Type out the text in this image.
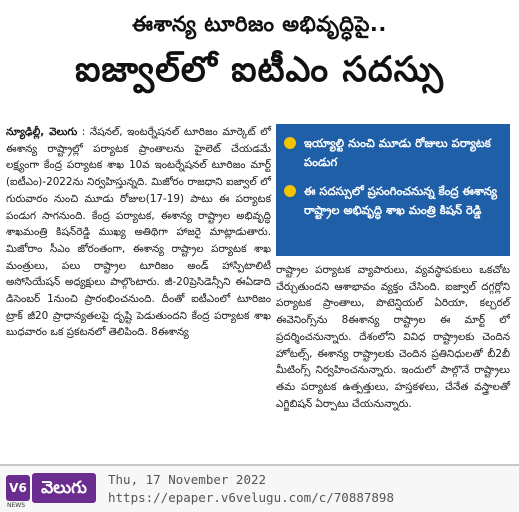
ఈశాన్య టూరిజం అభివృద్ధిపై..
ఐజ్వాల్‌లో ఐటీఎం సదస్సు
న్యూఢిల్లీ, వెలుగు : నేషనల్, ఇంటర్నేషనల్ టూరిజం మార్కెట్ లో ఈశాన్య రాష్ట్రాల్లో పర్యాటక ప్రాంతాలను హైలెట్ చేయడమే లక్ష్యంగా కేంద్ర పర్యాటక శాఖ 10వ ఇంటర్నేషనల్ టూరిజం మార్ట్ (ఐటీఎం)-2022ను నిర్వహిస్తున్నది. మిజోరం రాజధాని ఐజ్వాల్ లో గురువారం నుంచి మూడు రోజుల(17-19) పాటు ఈ పర్యాటక పండుగ సాగనుంది. కేంద్ర పర్యాటక, ఈశాన్య రాష్ట్రాల అభివృద్ధి శాఖమంత్రి కిషన్‌రెడ్డి ముఖ్య అతిథిగా హాజరై మాట్లాడుతారు. మిజోరాం సీఎం జోరంతంగా, ఈశాన్య రాష్ట్రాల పర్యాటక శాఖ మంత్రులు, పలు రాష్ట్రాల టూరిజం అండ్ హాస్పిటాలిటీ అసోసియేషన్ అధ్యక్షులు పాల్గొంటారు. జీ-20ప్రెసిడెన్సీని ఈఏడాది డిసెంబర్ 1నుంచి ప్రారంభించనుంది. దీంతో ఐటీఎంలో టూరిజం ట్రాక్ జీ20 ప్రాధాన్యతలపై దృష్టి పెడుతుందని కేంద్ర పర్యాటక శాఖ బుధవారం ఒక ప్రకటనలో తెలిపింది. 8ఈశాన్య
ఇయ్యాల్టి నుంచి మూడు రోజులు పర్యాటక పండుగ
ఈ సదస్సులో ప్రసంగించనున్న కేంద్ర ఈశాన్య రాష్ట్రాల అభివృద్ధి శాఖ మంత్రి కిషన్ రెడ్డి
రాష్ట్రాల పర్యాటక వ్యాపారులు, వ్యవస్థాపకులు ఒకచోట చేర్చుతుందని ఆశాభావం వ్యక్తం చేసింది. ఐజ్వాల్ దగ్గర్లోని పర్యాటక ప్రాంతాలు, పొటెన్షియల్ ఏరియా, కల్చరల్ ఈవెనింగ్స్‌ను 8ఈశాన్య రాష్ట్రాల ఈ మార్ట్ లో ప్రదర్శించనున్నారు. దేశంలోని వివిధ రాష్ట్రాలకు చెందిన హోటల్స్, ఈశాన్య రాష్ట్రాలకు చెందిన ప్రతినిధులతో బీ2బీ మీటింగ్స్ నిర్వహించనున్నారు. ఇందులో పాల్గొనే రాష్ట్రాలు తమ పర్యాటక ఉత్పత్తులు, హస్తకళలు, చేనేత వస్త్రాలతో ఎగ్జిబిషన్ ఏర్పాటు చేయనున్నారు.
V6 వెలుగు
NEWS
Thu, 17 November 2022
https://epaper.v6velugu.com/c/70887898
